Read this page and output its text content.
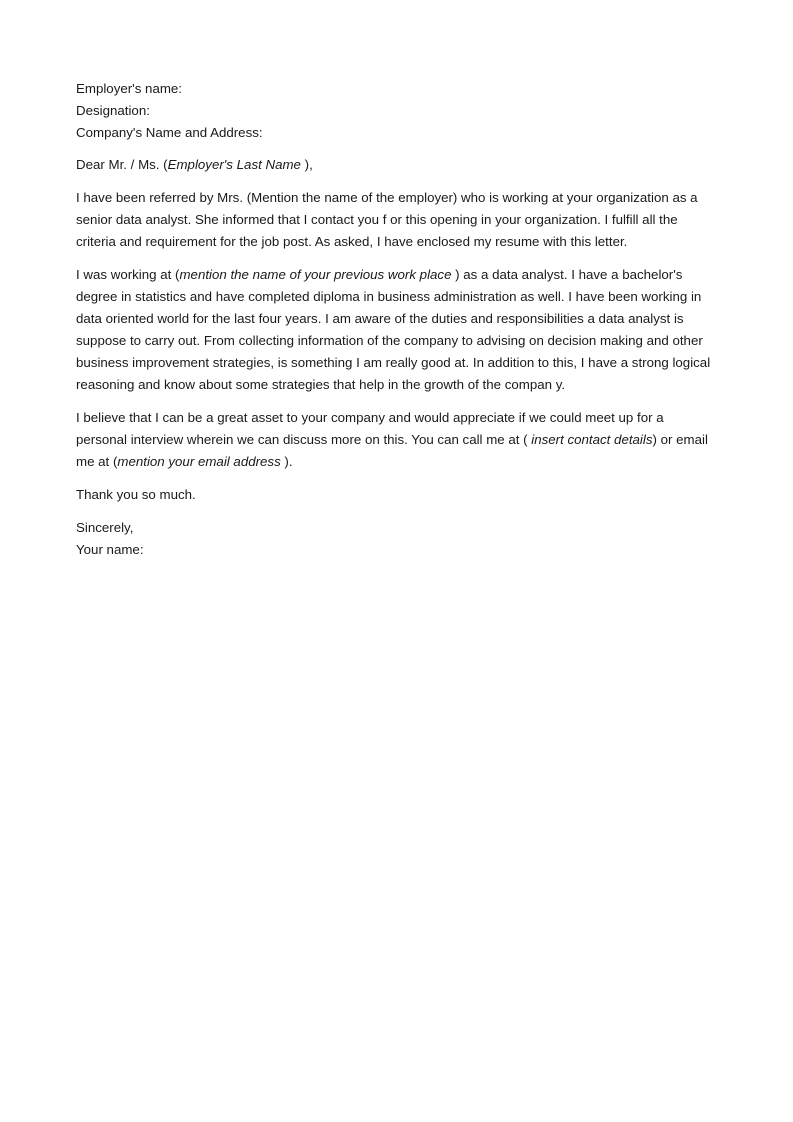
Employer's name:
Designation:
Company's Name and Address:
Dear Mr. / Ms. (Employer's Last Name ),
I have been referred by Mrs. (Mention the name of the employer) who is working at your organization as a
senior data analyst. She informed that I contact you f or this opening in your organization. I fulfill all the
criteria and requirement for the job post. As asked, I have enclosed my resume with this letter.
I was working at (mention the name of your previous work place ) as a data analyst. I have a bachelor's
degree in statistics and have completed diploma in business administration as well. I have been working in
data oriented world for the last four years. I am aware of the duties and responsibilities a data analyst is
suppose to carry out. From collecting information of the company to advising on decision making and other
business improvement strategies, is something I am really good at. In addition to this, I have a strong logical
reasoning and know about some strategies that help in the growth of the compan y.
I believe that I can be a great asset to your company and would appreciate if we could meet up for a
personal interview wherein we can discuss more on this. You can call me at ( insert contact details) or email
me at (mention your email address ).
Thank you so much.
Sincerely,
Your name:
